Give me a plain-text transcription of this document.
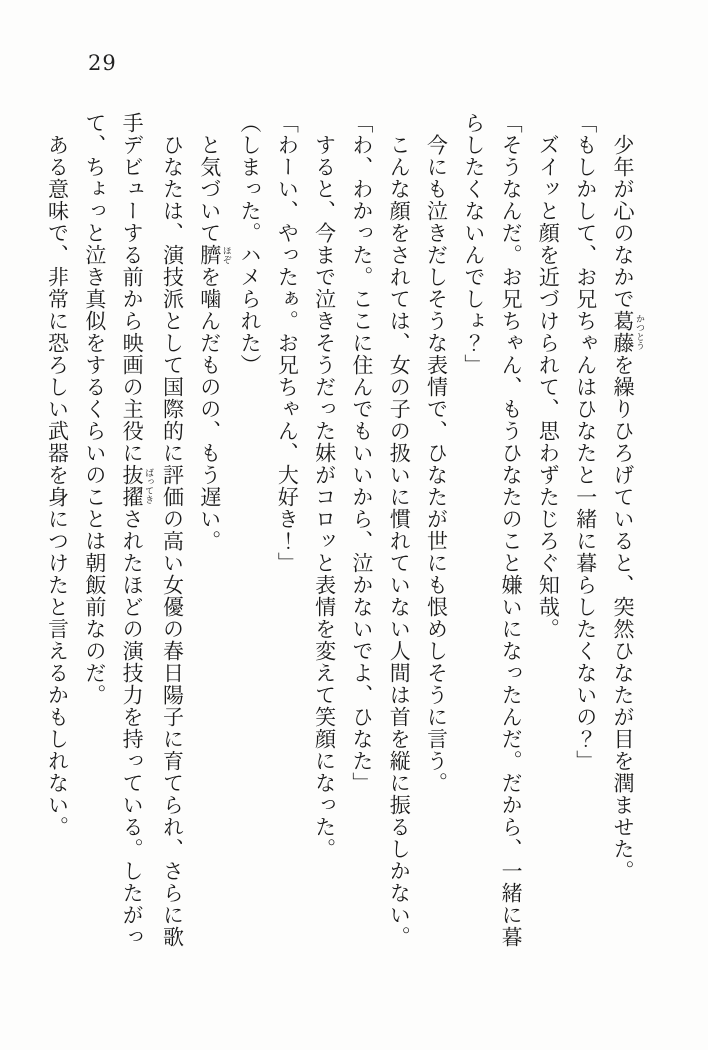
29
　少年が心のなかで葛藤 かつとうを繰りひろげていると、突然ひなたが目を潤ませた。
「もしかして、お兄ちゃんはひなたと一緒に暮らしたくないの？」
　ズイッと顔を近づけられて、思わずたじろぐ知哉。
「そうなんだ。お兄ちゃん、もうひなたのこと嫌いになったんだ。だから、一緒に暮
らしたくないんでしょ？」
　今にも泣きだしそうな表情で、ひなたが世にも恨めしそうに言う。
　こんな顔をされては、女の子の扱いに慣れていない人間は首を縦に振るしかない。
「わ、わかった。ここに住んでもいいから、泣かないでよ、ひなた」
　すると、今まで泣きそうだった妹がコロッと表情を変えて笑顔になった。
「わーい、やったぁ。お兄ちゃん、大好き！」
（しまった。ハメられた）
　と気づいて臍 ほぞを噛んだものの、もう遅い。
　ひなたは、演技派として国際的に評価の高い女優の春日陽子に育てられ、さらに歌
手デビューする前から映画の主役に抜擢 ばってきされたほどの演技力を持っている。したがっ
て、ちょっと泣き真似をするくらいのことは朝飯前なのだ。
　ある意味で、非常に恐ろしい武器を身につけたと言えるかもしれない。
